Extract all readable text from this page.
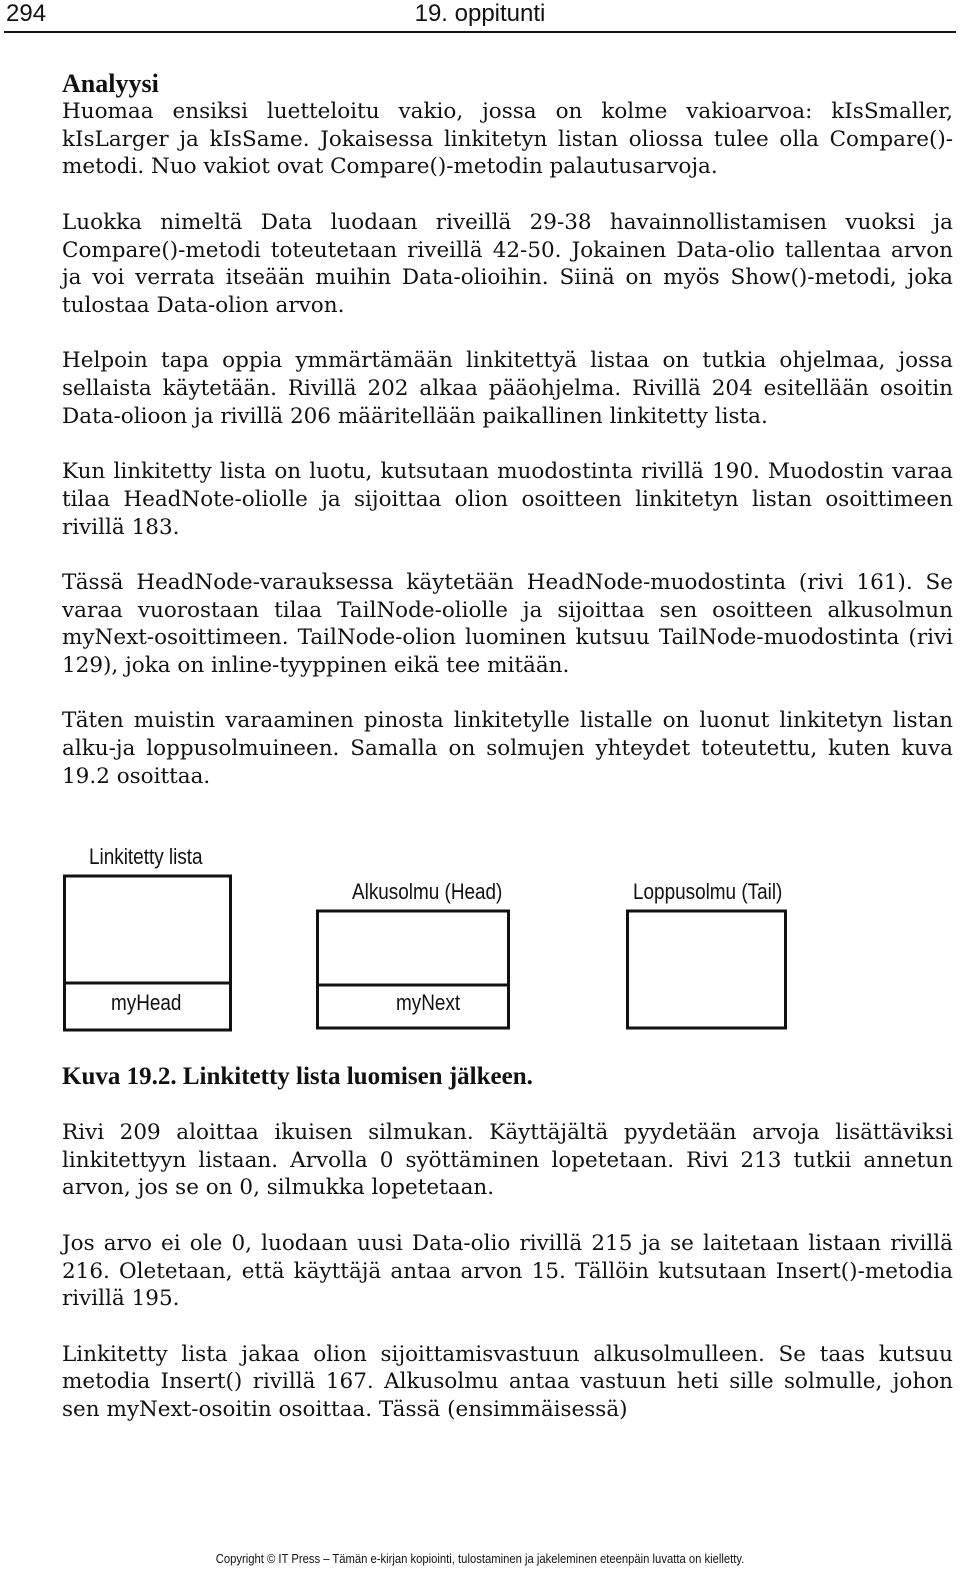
294	19. oppitunti

Analyysi

Huomaa ensiksi luetteloitu vakio, jossa on kolme vakioarvoa: kIsSmaller, kIsLarger ja kIsSame. Jokaisessa linkitetyn listan oliossa tulee olla Compare()-metodi. Nuo vakiot ovat Compare()-metodin palautusarvoja.

Luokka nimeltä Data luodaan riveillä 29-38 havainnollistamisen vuoksi ja Compare()-metodi toteutetaan riveillä 42-50. Jokainen Data-olio tallentaa arvon ja voi verrata itseään muihin Data-olioihin. Siinä on myös Show()-metodi, joka tulostaa Data-olion arvon.

Helpoin tapa oppia ymmärtämään linkitettyä listaa on tutkia ohjelmaa, jossa sellaista käytetään. Rivillä 202 alkaa pääohjelma. Rivillä 204 esitellään osoitin Data-olioon ja rivillä 206 määritellään paikallinen linkitetty lista.

Kun linkitetty lista on luotu, kutsutaan muodostinta rivillä 190. Muodostin varaa tilaa HeadNote-oliolle ja sijoittaa olion osoitteen linkitetyn listan osoittimeen rivillä 183.

Tässä HeadNode-varauksessa käytetään HeadNode-muodostinta (rivi 161). Se varaa vuorostaan tilaa TailNode-oliolle ja sijoittaa sen osoitteen alkusolmun myNext-osoittimeen. TailNode-olion luominen kutsuu TailNode-muodostinta (rivi 129), joka on inline-tyyppinen eikä tee mitään.

Täten muistin varaaminen pinosta linkitetylle listalle on luonut linkitetyn listan alku-ja loppusolmuineen. Samalla on solmujen yhteydet toteutettu, kuten kuva 19.2 osoittaa.

Linkitetty lista
myHead
Alkusolmu (Head)
myNext
Loppusolmu (Tail)
Kuva 19.2. Linkitetty lista luomisen jälkeen.

Rivi 209 aloittaa ikuisen silmukan. Käyttäjältä pyydetään arvoja lisättäviksi linkitettyyn listaan. Arvolla 0 syöttäminen lopetetaan. Rivi 213 tutkii annetun arvon, jos se on 0, silmukka lopetetaan.

Jos arvo ei ole 0, luodaan uusi Data-olio rivillä 215 ja se laitetaan listaan rivillä 216. Oletetaan, että käyttäjä antaa arvon 15. Tällöin kutsutaan Insert()-metodia rivillä 195.

Linkitetty lista jakaa olion sijoittamisvastuun alkusolmulleen. Se taas kutsuu metodia Insert() rivillä 167. Alkusolmu antaa vastuun heti sille solmulle, johon sen myNext-osoitin osoittaa. Tässä (ensimmäisessä)

Copyright © IT Press – Tämän e-kirjan kopiointi, tulostaminen ja jakeleminen eteenpäin luvatta on kielletty.
